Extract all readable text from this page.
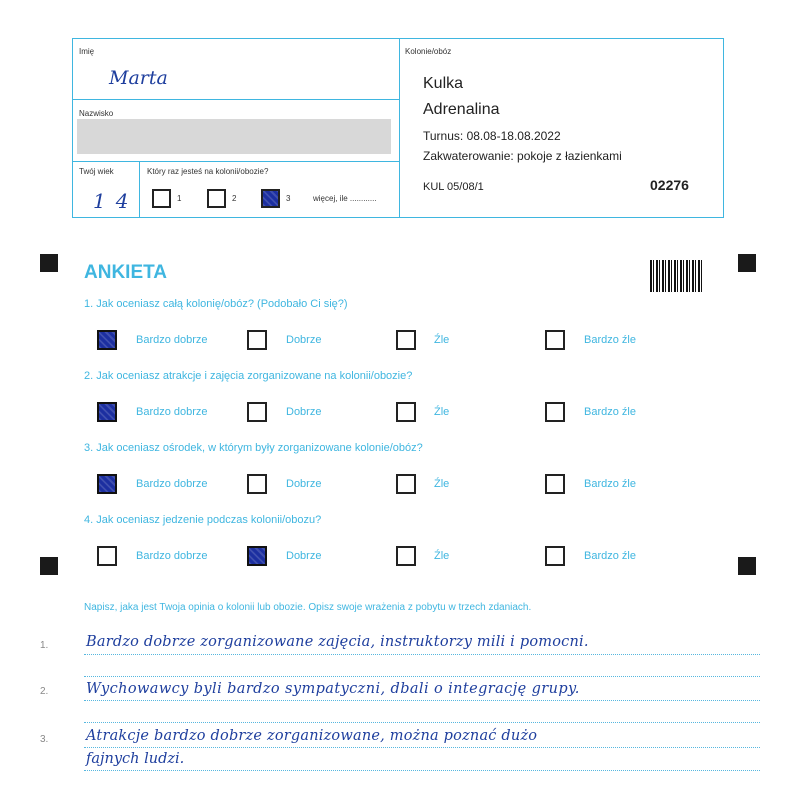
Imię
Marta
Nazwisko
Twój wiek
14
Który raz jesteś na kolonii/obozie?
1	2	3	więcej, ile ............
Kolonie/obóz
Kulka
Adrenalina
Turnus: 08.08-18.08.2022
Zakwaterowanie: pokoje z łazienkami
KUL 05/08/1	02276
ANKIETA
1. Jak oceniasz całą kolonię/obóz? (Podobało Ci się?)
Bardzo dobrze	Dobrze	Źle	Bardzo źle
2. Jak oceniasz atrakcje i zajęcia zorganizowane na kolonii/obozie?
Bardzo dobrze	Dobrze	Źle	Bardzo źle
3. Jak oceniasz ośrodek, w którym były zorganizowane kolonie/obóz?
Bardzo dobrze	Dobrze	Źle	Bardzo źle
4. Jak oceniasz jedzenie podczas kolonii/obozu?
Bardzo dobrze	Dobrze	Źle	Bardzo źle
Napisz, jaka jest Twoja opinia o kolonii lub obozie. Opisz swoje wrażenia z pobytu w trzech zdaniach.
1.
2.
3.
Bardzo dobrze zorganizowane zajęcia, instruktorzy mili i pomocni.
Wychowawcy byli bardzo sympatyczni, dbali o integrację grupy.
Atrakcje bardzo dobrze zorganizowane, można poznać dużo
fajnych ludzi.
